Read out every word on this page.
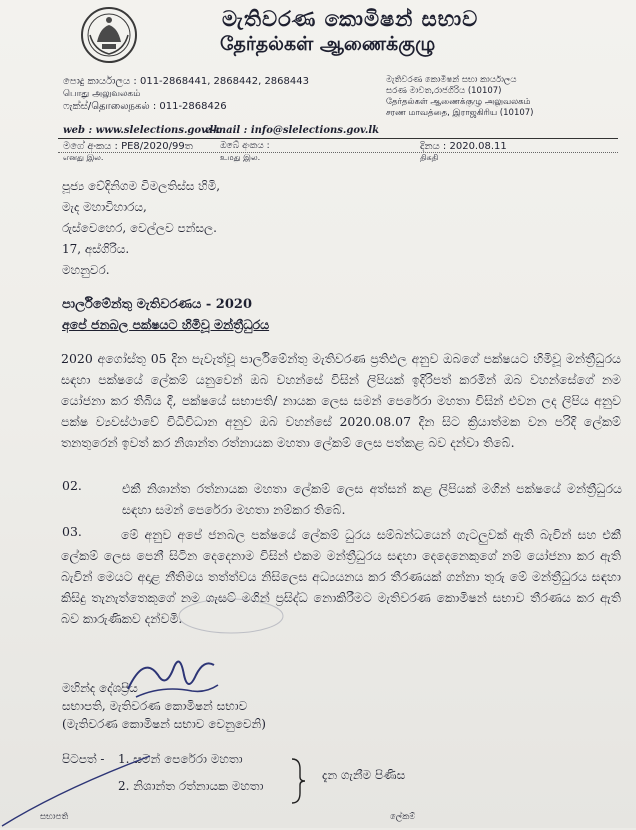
මැතිවරණ කොමිෂන් සභාව
தேர்தல்கள் ஆணைக்குழு
පොදු කාර්යාලය : 011-2868441, 2868442, 2868443
பொது அலுவலகம்
ෆැක්ස්/தொலைநகல் : 011-2868426
මැතිවරණ කොමිෂන් සභා කාර්යාලය
සරණ මාවත,රාජගිරිය (10107)
தேர்தல்கள் ஆணைக்குழு அலுவலகம்
சரண மாவத்தை, இராஜகிரிய (10107)
web : www.slelections.gov.lk
e-mail : info@slelections.gov.lk
මගේ අංකය : PE8/2020/99ත
எனது இல.
ඔබේ අංකය :
உமது இல.
දිනය : 2020.08.11
திகதி
පූජ්‍ය වේදිනිගම විමලතිස්ස හිමි,
මැද මහාවිහාරය,
රුස්වෙහෙර, වෙල්ලව පන්සල.
17, අස්ගිරිය.
මහනුවර.
පාර්ලිමේන්තු මැතිවරණය - 2020
අපේ ජනබල පක්ෂයට හිමිවූ මන්ත්‍රීධුරය
2020 අගෝස්තු 05 දින පැවැත්වූ පාර්ලිමේන්තු මැතිවරණ ප්‍රතිඵල අනුව ඔබගේ පක්ෂයට හිමිවූ මන්ත්‍රීධුරය සඳහා පක්ෂයේ ලේකම් යනුවෙන් ඔබ වහන්සේ විසින් ලිපියක් ඉදිරිපත් කරමින් ඔබ වහන්සේගේ නම යෝජනා කර තිබිය දී, පක්ෂයේ සභාපති/ නායක ලෙස සමන් පෙරේරා මහතා විසින් එවන ලද ලිපිය අනුව පක්ෂ ව්‍යවස්ථාවේ විධිවිධාන අනුව ඔබ වහන්සේ 2020.08.07 දින සිට ක්‍රියාත්මක වන පරිදි ලේකම් තනතුරෙන් ඉවත් කර නිශාන්ත රත්නායක මහතා ලේකම් ලෙස පත්කළ බව දන්වා තිබේ.
02.	එකී නිශාන්ත රත්නායක මහතා ලේකම් ලෙස අත්සන් කළ ලිපියක් මගින් පක්ෂයේ මන්ත්‍රීධුරය සඳහා සමන් පෙරේරා මහතා නම්කර තිබේ.
03.	මේ අනුව අපේ ජනබල පක්ෂයේ ලේකම් ධුරය සම්බන්ධයෙන් ගැටලුවක් ඇති බැවින් සහ එකී ලේකම් ලෙස පෙනී සිටින දෙදෙනාම විසින් එකම මන්ත්‍රීධුරය සඳහා දෙදෙනෙකුගේ නම් යෝජනා කර ඇති බැවින් මෙයට අදාළ නීතිමය තත්ත්වය නිසිලෙස අධ්‍යයනය කර තීරණයක් ගන්නා තුරු මේ මන්ත්‍රීධුරය සඳහා කිසිදු තැනැත්තෙකුගේ නම ගැසට් මගින් ප්‍රසිද්ධ නොකිරීමට මැතිවරණ කොමිෂන් සභාව තීරණය කර ඇති බව කාරුණිකව දන්වමි.
මහින්ද දේශප්‍රිය
සභාපති, මැතිවරණ කොමිෂන් සභාව
(මැතිවරණ කොමිෂන් සභාව වෙනුවෙනි)
පිටපත් - 1. සමන් පෙරේරා මහතා
2. නිශාන්ත රත්නායක මහතා
දැන ගැනීම පිණිස
සභාපති	ලේකම්
